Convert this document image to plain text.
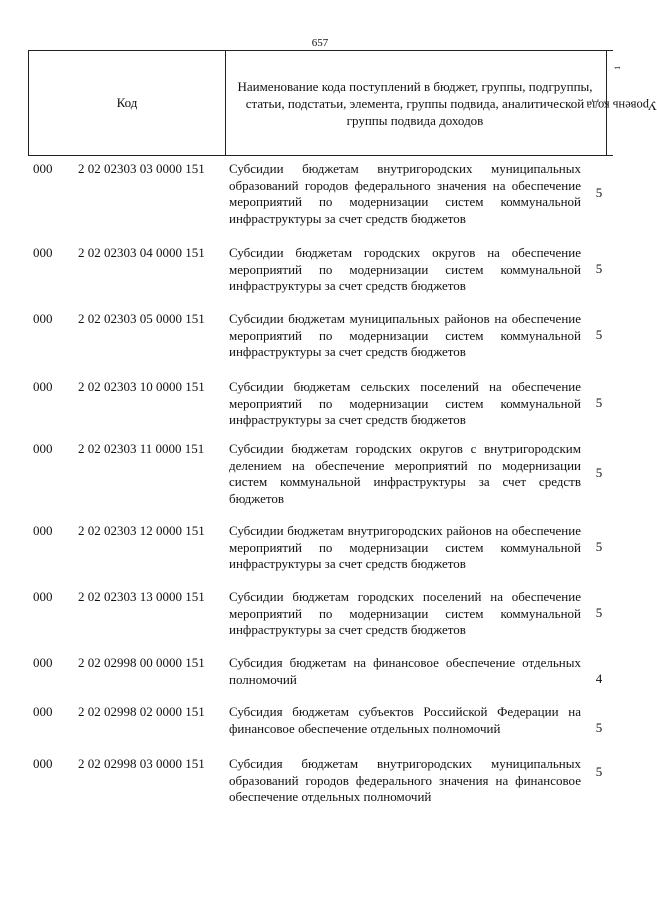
657
Код
Наименование кода поступлений в бюджет, группы, подгруппы, статьи, подстатьи, элемента, группы подвида, аналитической группы подвида доходов
Уровень кода$^1$
000 2 02 02303 03 0000 151 Субсидии бюджетам внутригородских муниципальных образований городов федерального значения на обеспечение мероприятий по модернизации систем коммунальной инфраструктуры за счет средств бюджетов
5
000 2 02 02303 04 0000 151 Субсидии бюджетам городских округов на обеспечение мероприятий по модернизации систем коммунальной инфраструктуры за счет средств бюджетов
5
000 2 02 02303 05 0000 151 Субсидии бюджетам муниципальных районов на обеспечение мероприятий по модернизации систем коммунальной инфраструктуры за счет средств бюджетов
5
000 2 02 02303 10 0000 151 Субсидии бюджетам сельских поселений на обеспечение мероприятий по модернизации систем коммунальной инфраструктуры за счет средств бюджетов
5
000 2 02 02303 11 0000 151 Субсидии бюджетам городских округов с внутригородским делением на обеспечение мероприятий по модернизации систем коммунальной инфраструктуры за счет средств бюджетов
5
000 2 02 02303 12 0000 151 Субсидии бюджетам внутригородских районов на обеспечение мероприятий по модернизации систем коммунальной инфраструктуры за счет средств бюджетов
5
000 2 02 02303 13 0000 151 Субсидии бюджетам городских поселений на обеспечение мероприятий по модернизации систем коммунальной инфраструктуры за счет средств бюджетов
5
000 2 02 02998 00 0000 151 Субсидия бюджетам на финансовое обеспечение отдельных полномочий	4
000 2 02 02998 02 0000 151 Субсидия бюджетам субъектов Российской Федерации на финансовое обеспечение отдельных полномочий	5
000 2 02 02998 03 0000 151 Субсидия бюджетам внутригородских муниципальных образований городов федерального значения на финансовое обеспечение отдельных полномочий
5
